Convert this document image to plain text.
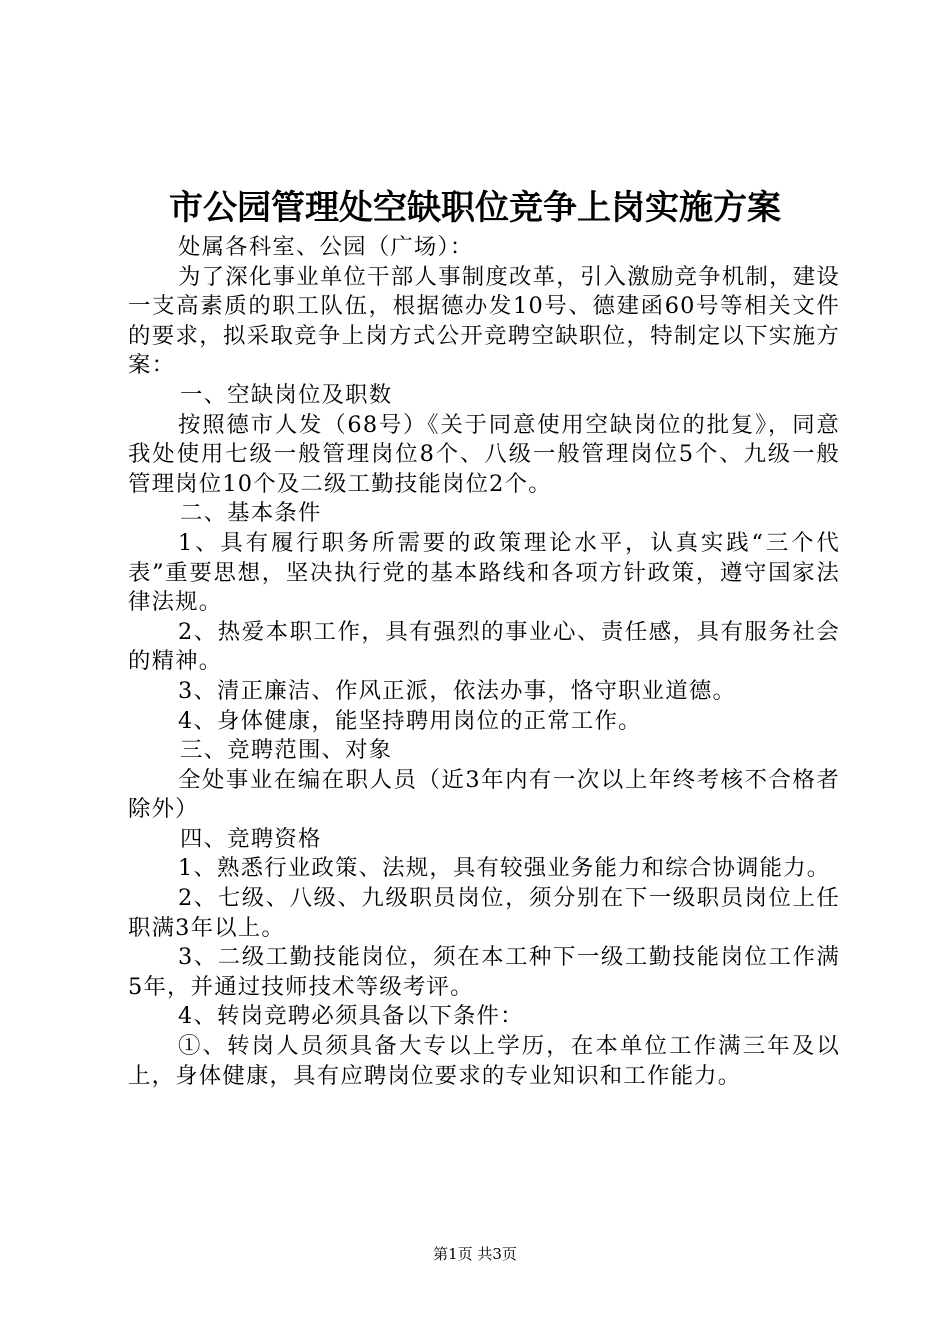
市公园管理处空缺职位竞争上岗实施方案

处属各科室、公园（广场）：

为了深化事业单位干部人事制度改革，引入激励竞争机制，建设一支高素质的职工队伍，根据德办发10号、德建函60号等相关文件的要求，拟采取竞争上岗方式公开竞聘空缺职位，特制定以下实施方案：

一、空缺岗位及职数

按照德市人发（68号）《关于同意使用空缺岗位的批复》，同意我处使用七级一般管理岗位8个、八级一般管理岗位5个、九级一般管理岗位10个及二级工勤技能岗位2个。

二、基本条件

1、具有履行职务所需要的政策理论水平，认真实践“三个代表”重要思想，坚决执行党的基本路线和各项方针政策，遵守国家法律法规。

2、热爱本职工作，具有强烈的事业心、责任感，具有服务社会的精神。

3、清正廉洁、作风正派，依法办事，恪守职业道德。

4、身体健康，能坚持聘用岗位的正常工作。

三、竞聘范围、对象

全处事业在编在职人员（近3年内有一次以上年终考核不合格者除外）

四、竞聘资格

1、熟悉行业政策、法规，具有较强业务能力和综合协调能力。

2、七级、八级、九级职员岗位，须分别在下一级职员岗位上任职满3年以上。

3、二级工勤技能岗位，须在本工种下一级工勤技能岗位工作满5年，并通过技师技术等级考评。

4、转岗竞聘必须具备以下条件：

①、转岗人员须具备大专以上学历，在本单位工作满三年及以上，身体健康，具有应聘岗位要求的专业知识和工作能力。

第1页 共3页
